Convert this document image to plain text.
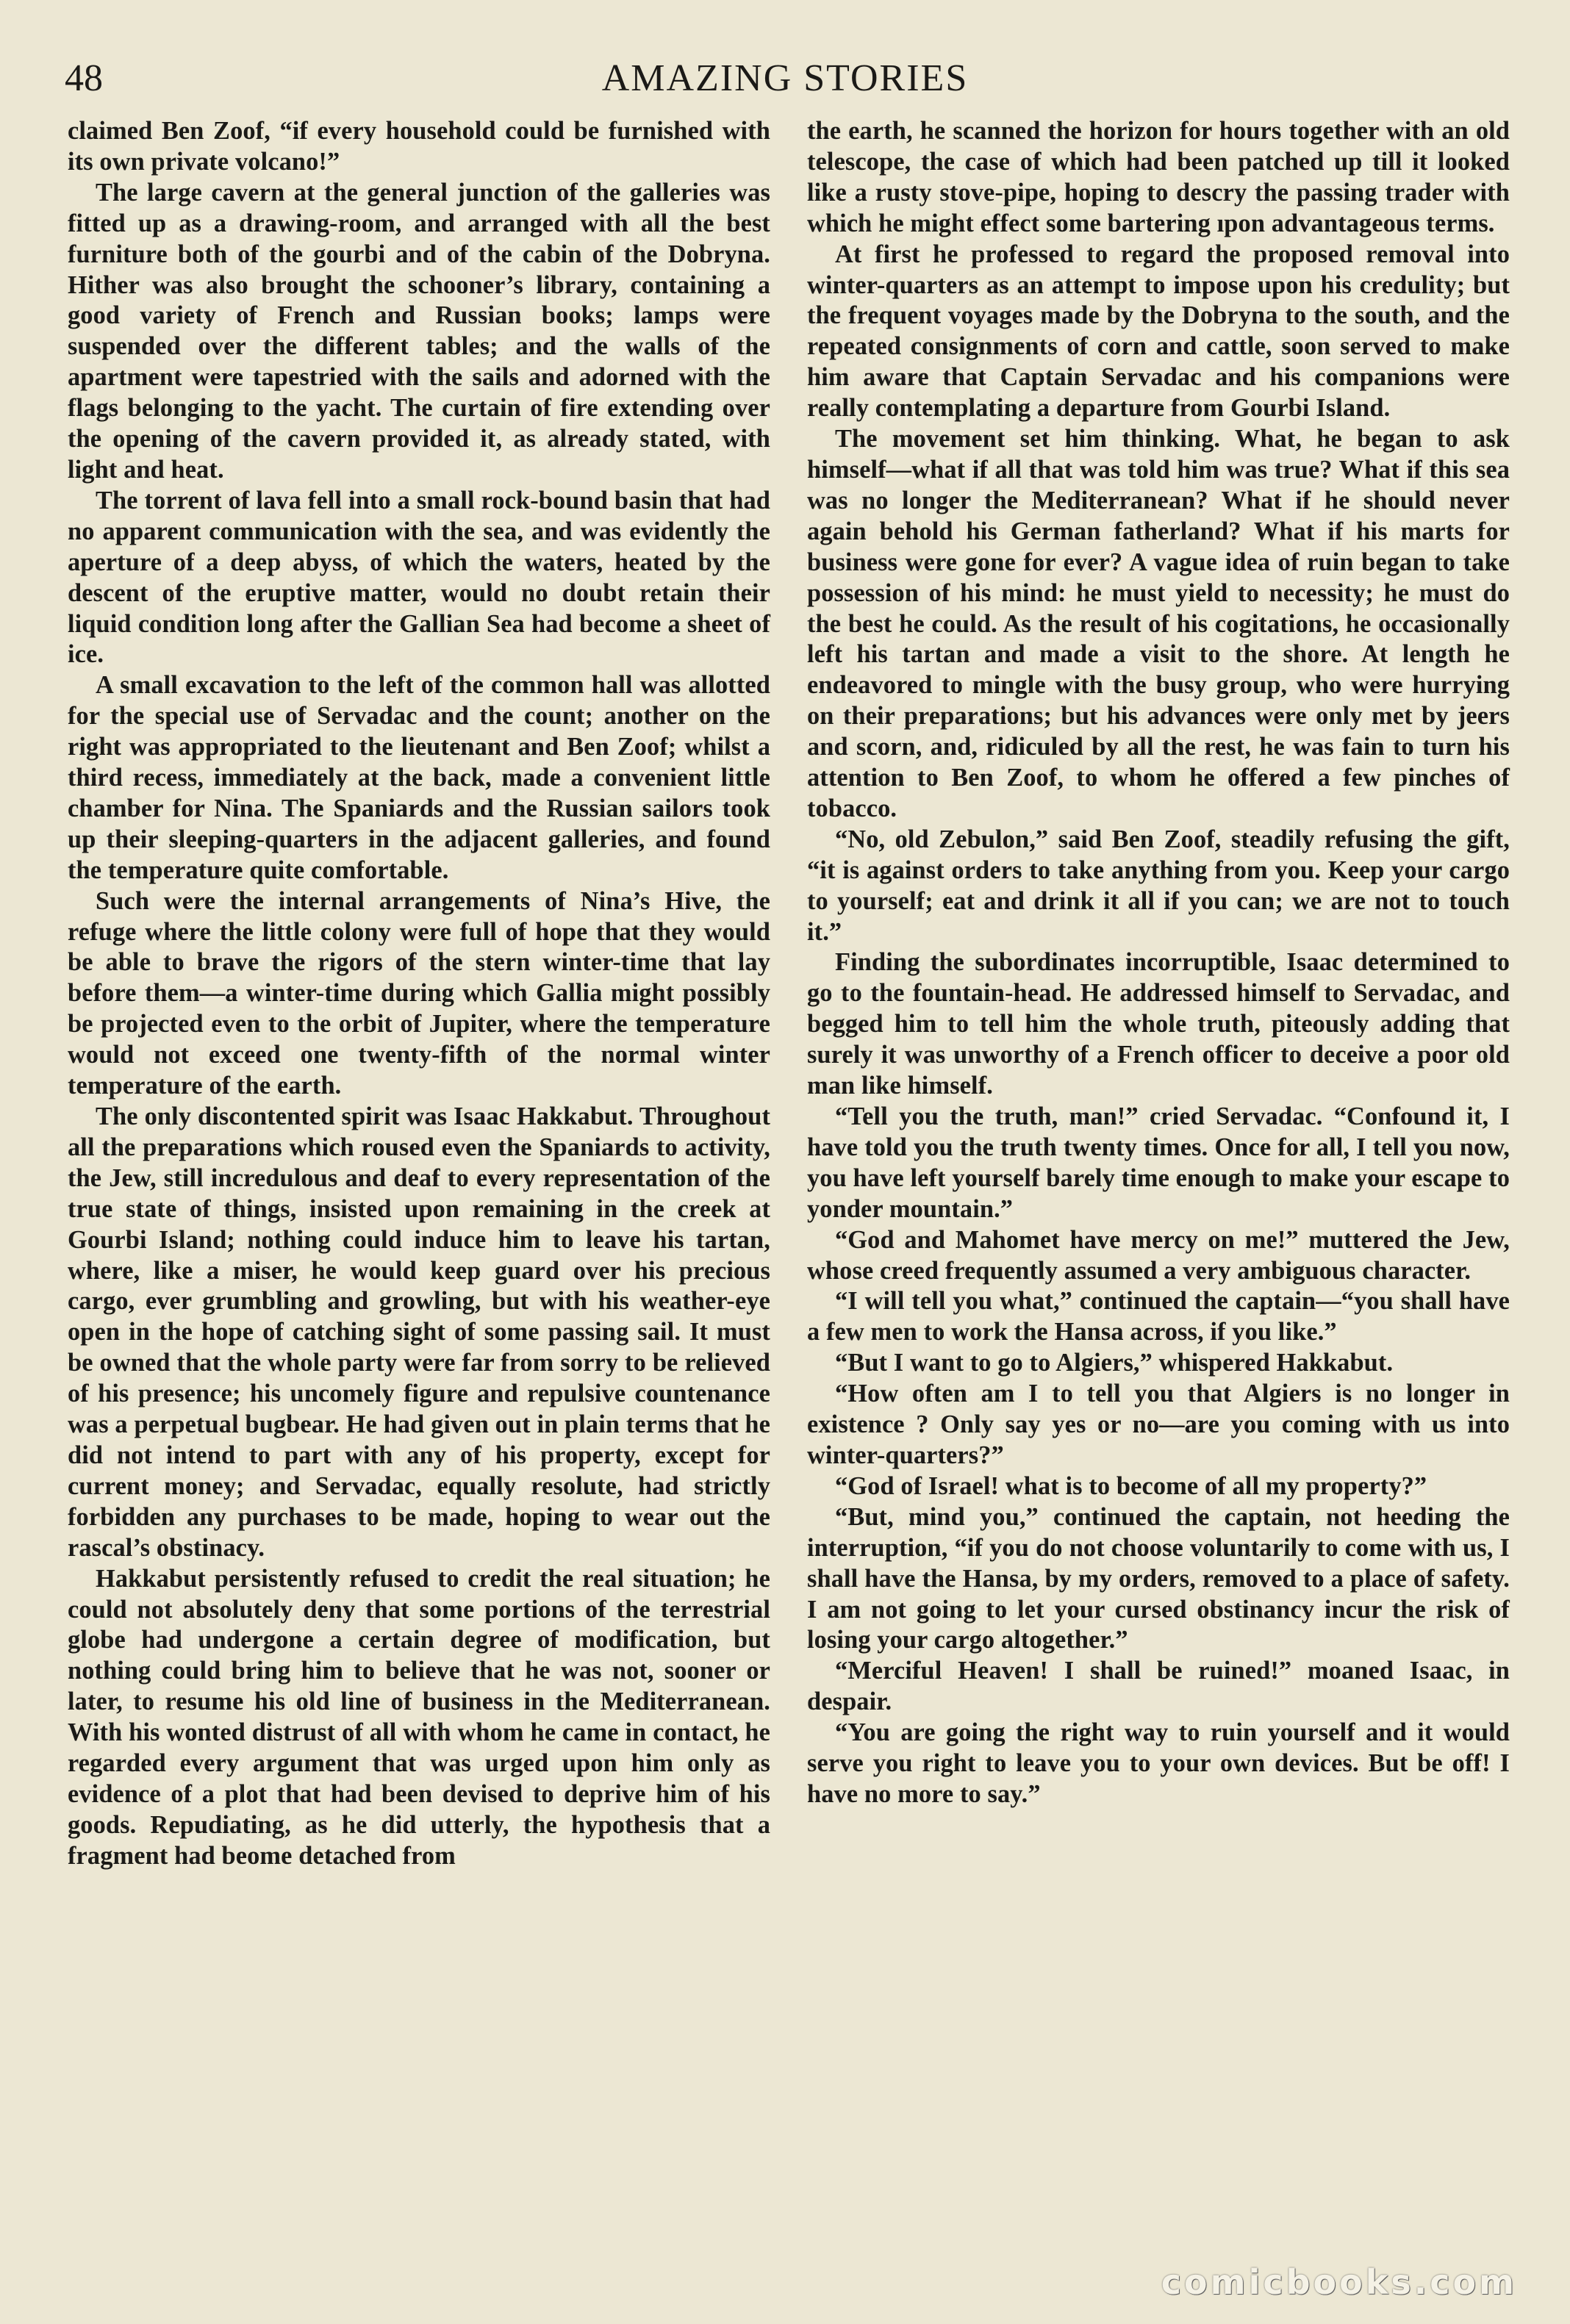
48	AMAZING STORIES

claimed Ben Zoof, “if every household could be furnished with its own private volcano!”

The large cavern at the general junction of the galleries was fitted up as a drawing-room, and arranged with all the best furniture both of the gourbi and of the cabin of the Dobryna. Hither was also brought the schooner’s library, containing a good variety of French and Russian books; lamps were suspended over the different tables; and the walls of the apartment were tapestried with the sails and adorned with the flags belonging to the yacht. The curtain of fire extending over the opening of the cavern provided it, as already stated, with light and heat.

The torrent of lava fell into a small rock-bound basin that had no apparent communication with the sea, and was evidently the aperture of a deep abyss, of which the waters, heated by the descent of the eruptive matter, would no doubt retain their liquid condition long after the Gallian Sea had become a sheet of ice.

A small excavation to the left of the common hall was allotted for the special use of Servadac and the count; another on the right was appropriated to the lieutenant and Ben Zoof; whilst a third recess, immediately at the back, made a convenient little chamber for Nina. The Spaniards and the Russian sailors took up their sleeping-quarters in the adjacent galleries, and found the temperature quite comfortable.

Such were the internal arrangements of Nina’s Hive, the refuge where the little colony were full of hope that they would be able to brave the rigors of the stern winter-time that lay before them—a winter-time during which Gallia might possibly be projected even to the orbit of Jupiter, where the temperature would not exceed one twenty-fifth of the normal winter temperature of the earth.

The only discontented spirit was Isaac Hakkabut. Throughout all the preparations which roused even the Spaniards to activity, the Jew, still incredulous and deaf to every representation of the true state of things, insisted upon remaining in the creek at Gourbi Island; nothing could induce him to leave his tartan, where, like a miser, he would keep guard over his precious cargo, ever grumbling and growling, but with his weather-eye open in the hope of catching sight of some passing sail. It must be owned that the whole party were far from sorry to be relieved of his presence; his uncomely figure and repulsive countenance was a perpetual bugbear. He had given out in plain terms that he did not intend to part with any of his property, except for current money; and Servadac, equally resolute, had strictly forbidden any purchases to be made, hoping to wear out the rascal’s obstinacy.

Hakkabut persistently refused to credit the real situation; he could not absolutely deny that some portions of the terrestrial globe had undergone a certain degree of modification, but nothing could bring him to believe that he was not, sooner or later, to resume his old line of business in the Mediterranean. With his wonted distrust of all with whom he came in contact, he regarded every argument that was urged upon him only as evidence of a plot that had been devised to deprive him of his goods. Repudiating, as he did utterly, the hypothesis that a fragment had beome detached from

the earth, he scanned the horizon for hours together with an old telescope, the case of which had been patched up till it looked like a rusty stove-pipe, hoping to descry the passing trader with which he might effect some bartering ıpon advantageous terms.

At first he professed to regard the proposed removal into winter-quarters as an attempt to impose upon his credulity; but the frequent voyages made by the Dobryna to the south, and the repeated consignments of corn and cattle, soon served to make him aware that Captain Servadac and his companions were really contemplating a departure from Gourbi Island.

The movement set him thinking. What, he began to ask himself—what if all that was told him was true? What if this sea was no longer the Mediterranean? What if he should never again behold his German fatherland? What if his marts for business were gone for ever? A vague idea of ruin began to take possession of his mind: he must yield to necessity; he must do the best he could. As the result of his cogitations, he occasionally left his tartan and made a visit to the shore. At length he endeavored to mingle with the busy group, who were hurrying on their preparations; but his advances were only met by jeers and scorn, and, ridiculed by all the rest, he was fain to turn his attention to Ben Zoof, to whom he offered a few pinches of tobacco.

“No, old Zebulon,” said Ben Zoof, steadily refusing the gift, “it is against orders to take anything from you. Keep your cargo to yourself; eat and drink it all if you can; we are not to touch it.”

Finding the subordinates incorruptible, Isaac determined to go to the fountain-head. He addressed himself to Servadac, and begged him to tell him the whole truth, piteously adding that surely it was unworthy of a French officer to deceive a poor old man like himself.

“Tell you the truth, man!” cried Servadac. “Confound it, I have told you the truth twenty times. Once for all, I tell you now, you have left yourself barely time enough to make your escape to yonder mountain.”

“God and Mahomet have mercy on me!” muttered the Jew, whose creed frequently assumed a very ambiguous character.

“I will tell you what,” continued the captain—“you shall have a few men to work the Hansa across, if you like.”

“But I want to go to Algiers,” whispered Hakkabut.

“How often am I to tell you that Algiers is no longer in existence ? Only say yes or no—are you coming with us into winter-quarters?”

“God of Israel! what is to become of all my property?”

“But, mind you,” continued the captain, not heeding the interruption, “if you do not choose voluntarily to come with us, I shall have the Hansa, by my orders, removed to a place of safety. I am not going to let your cursed obstinancy incur the risk of losing your cargo altogether.”

“Merciful Heaven! I shall be ruined!” moaned Isaac, in despair.

“You are going the right way to ruin yourself and it would serve you right to leave you to your own devices. But be off! I have no more to say.”

comicbooks.com
